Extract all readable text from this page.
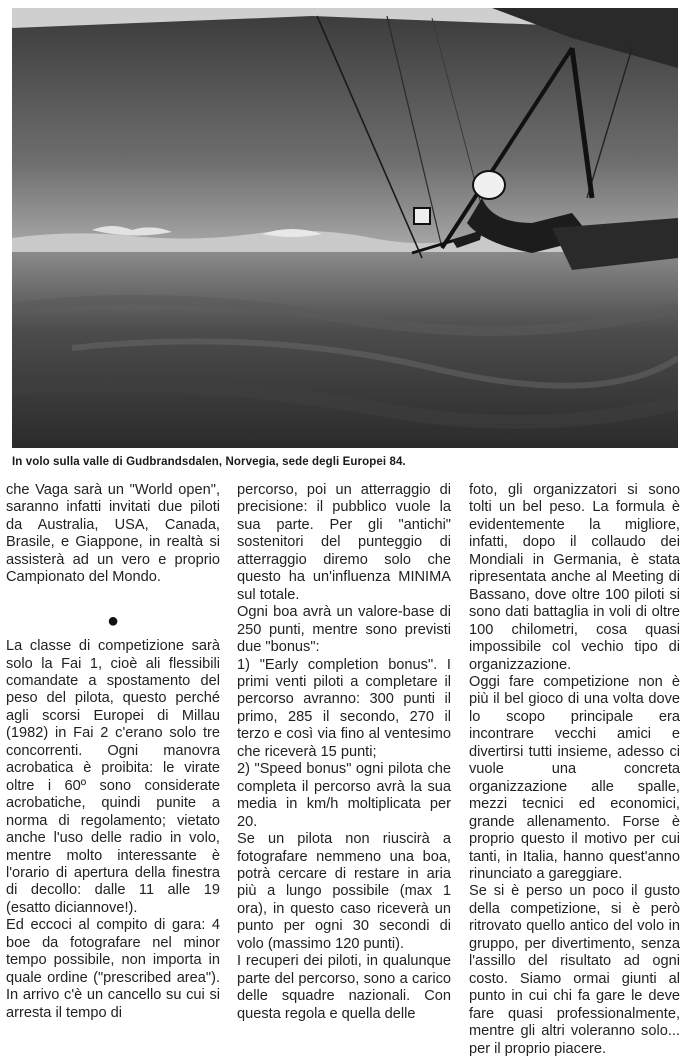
In volo sulla valle di Gudbrandsdalen, Norvegia, sede degli Europei 84.

che Vaga sarà un "World open", saranno infatti invitati due piloti da Australia, USA, Canada, Brasile, e Giappone, in realtà si assisterà ad un vero e proprio Campionato del Mondo.

●

La classe di competizione sarà solo la Fai 1, cioè ali flessibili comandate a spostamento del peso del pilota, questo perché agli scorsi Europei di Millau (1982) in Fai 2 c'erano solo tre concorrenti. Ogni manovra acrobatica è proibita: le virate oltre i 60º sono considerate acrobatiche, quindi punite a norma di regolamento; vietato anche l'uso delle radio in volo, mentre molto interessante è l'orario di apertura della finestra di decollo: dalle 11 alle 19 (esatto diciannove!).

Ed eccoci al compito di gara: 4 boe da fotografare nel minor tempo possibile, non importa in quale ordine ("prescribed area"). In arrivo c'è un cancello su cui si arresta il tempo di

percorso, poi un atterraggio di precisione: il pubblico vuole la sua parte. Per gli "antichi" sostenitori del punteggio di atterraggio diremo solo che questo ha un'influenza MINIMA sul totale.

Ogni boa avrà un valore-base di 250 punti, mentre sono previsti due "bonus":

1) "Early completion bonus". I primi venti piloti a completare il percorso avranno: 300 punti il primo, 285 il secondo, 270 il terzo e così via fino al ventesimo che riceverà 15 punti;

2) "Speed bonus" ogni pilota che completa il percorso avrà la sua media in km/h moltiplicata per 20.

Se un pilota non riuscirà a fotografare nemmeno una boa, potrà cercare di restare in aria più a lungo possibile (max 1 ora), in questo caso riceverà un punto per ogni 30 secondi di volo (massimo 120 punti).

I recuperi dei piloti, in qualunque parte del percorso, sono a carico delle squadre nazionali. Con questa regola e quella delle

foto, gli organizzatori si sono tolti un bel peso. La formula è evidentemente la migliore, infatti, dopo il collaudo dei Mondiali in Germania, è stata ripresentata anche al Meeting di Bassano, dove oltre 100 piloti si sono dati battaglia in voli di oltre 100 chilometri, cosa quasi impossibile col vechio tipo di organizzazione.

Oggi fare competizione non è più il bel gioco di una volta dove lo scopo principale era incontrare vecchi amici e divertirsi tutti insieme, adesso ci vuole una concreta organizzazione alle spalle, mezzi tecnici ed economici, grande allenamento. Forse è proprio questo il motivo per cui tanti, in Italia, hanno quest'anno rinunciato a gareggiare.

Se si è perso un poco il gusto della competizione, si è però ritrovato quello antico del volo in gruppo, per divertimento, senza l'assillo del risultato ad ogni costo. Siamo ormai giunti al punto in cui chi fa gare le deve fare quasi professionalmente, mentre gli altri voleranno solo... per il proprio piacere.
